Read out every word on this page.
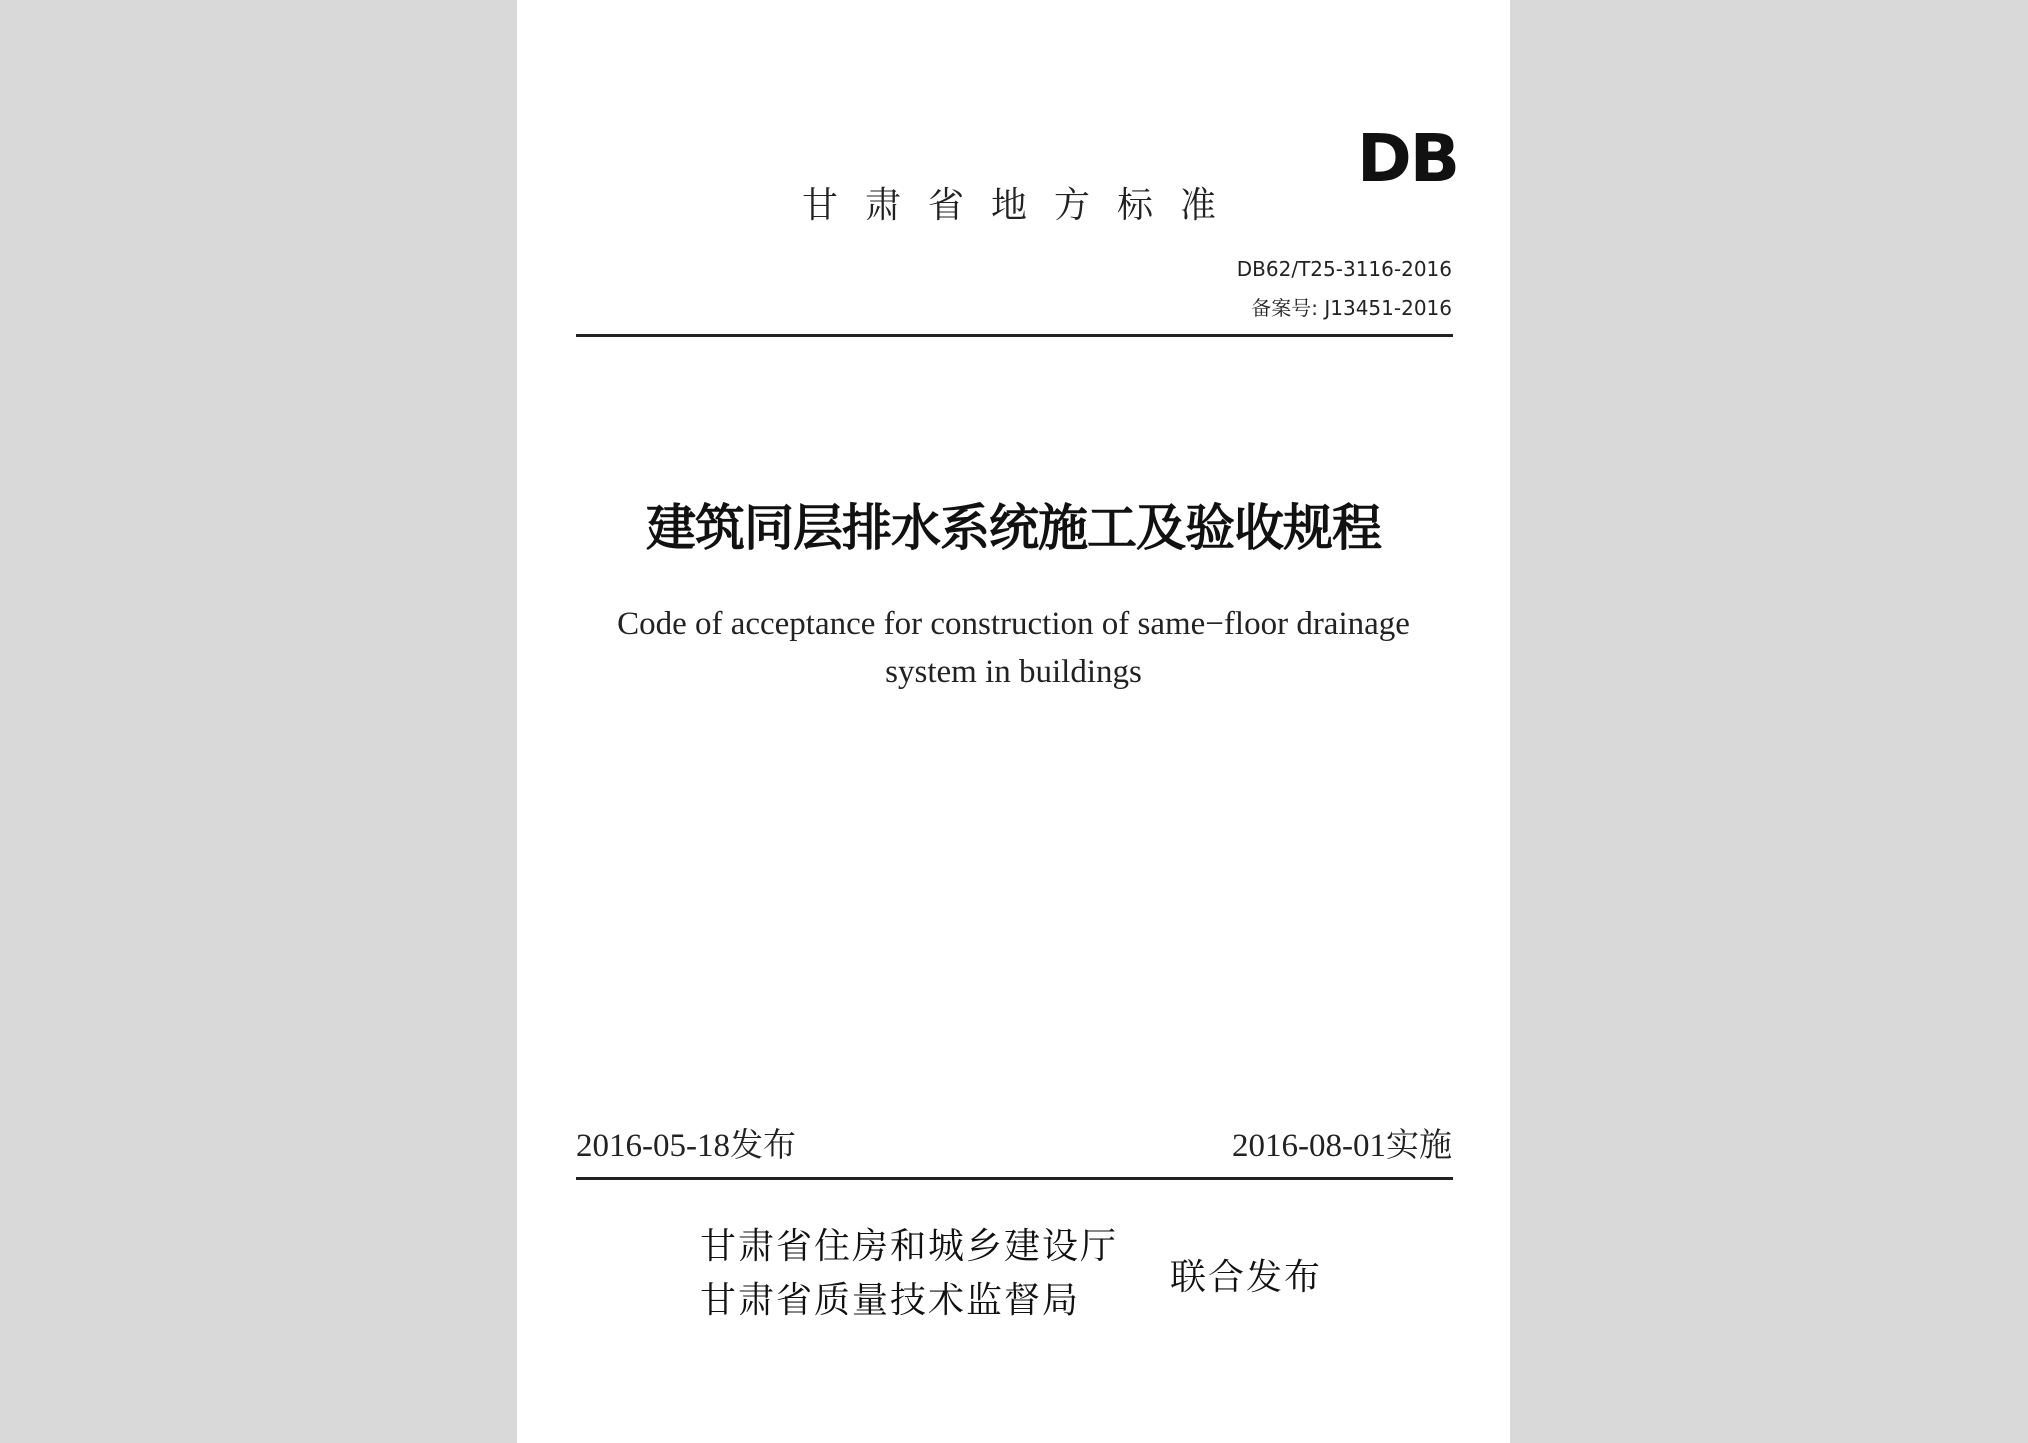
DB
甘肃省地方标准
DB62/T25-3116-2016
备案号: J13451-2016
建筑同层排水系统施工及验收规程
Code of acceptance for construction of same−floor drainage
system in buildings
2016-05-18发布	2016-08-01实施
甘肃省住房和城乡建设厅
甘肃省质量技术监督局
联合发布
